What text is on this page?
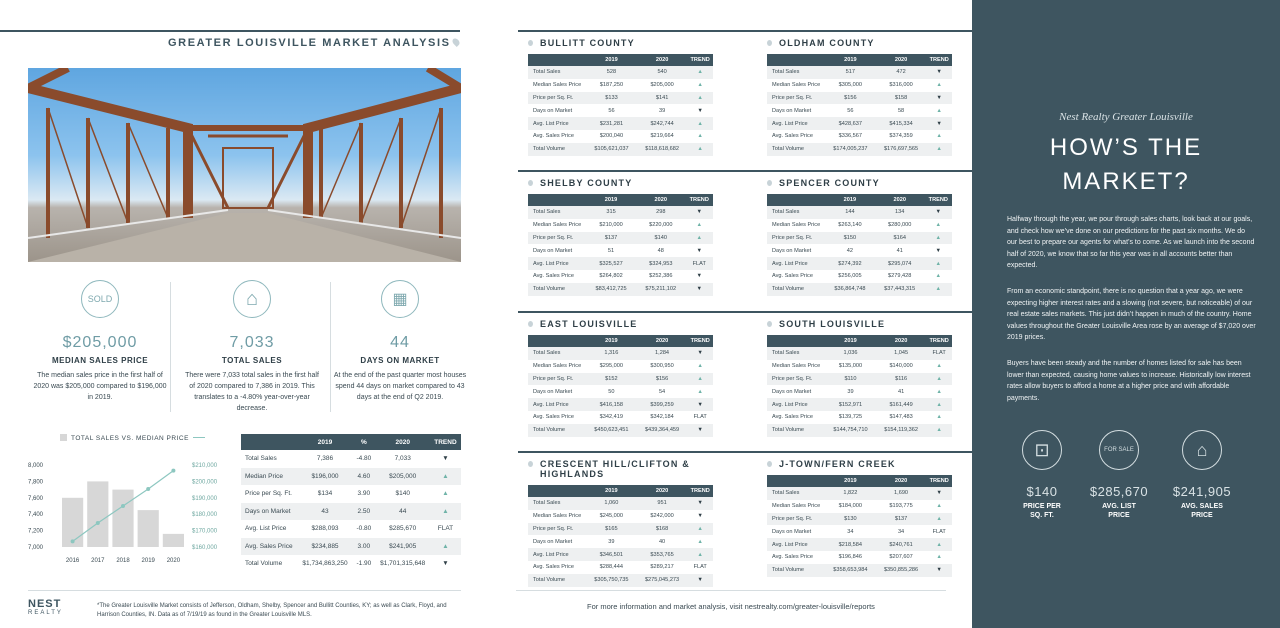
GREATER LOUISVILLE MARKET ANALYSIS
SOLD
$205,000
MEDIAN SALES PRICE
The median sales price in the first half of 2020 was $205,000 compared to $196,000 in 2019.
⌂
7,033
TOTAL SALES
There were 7,033 total sales in the first half of 2020 compared to 7,386 in 2019. This translates to a -4.80% year-over-year decrease.
▦
44
DAYS ON MARKET
At the end of the past quarter most houses spend 44 days on market compared to 43 days at the end of Q2 2019.
TOTAL SALES VS. MEDIAN PRICE
8,000
7,800
7,600
7,400
7,200
7,000
$210,000
$200,000
$190,000
$180,000
$170,000
$160,000
2016 2017 2018 2019 2020
	2019	%	2020	TREND
Total Sales	7,386	-4.80	7,033	▼
Median Price	$196,000	4.60	$205,000	▲
Price per Sq. Ft.	$134	3.90	$140	▲
Days on Market	43	2.50	44	▲
Avg. List Price	$288,093	-0.80	$285,670	FLAT
Avg. Sales Price	$234,885	3.00	$241,905	▲
Total Volume	$1,734,863,250	-1.90	$1,701,315,648	▼
NEST
REALTY
*The Greater Louisville Market consists of Jefferson, Oldham, Shelby, Spencer and Bullitt Counties, KY; as well as Clark, Floyd, and Harrison Counties, IN. Data as of 7/19/19 as found in the Greater Louisville MLS.
BULLITT COUNTY
	2019	2020	TREND
Total Sales	528	540	▲
Median Sales Price	$187,250	$205,000	▲
Price per Sq. Ft.	$133	$141	▲
Days on Market	56	39	▼
Avg. List Price	$231,281	$242,744	▲
Avg. Sales Price	$200,040	$219,664	▲
Total Volume	$105,621,037	$118,618,682	▲
OLDHAM COUNTY
	2019	2020	TREND
Total Sales	517	472	▼
Median Sales Price	$305,000	$316,000	▲
Price per Sq. Ft.	$156	$158	▼
Days on Market	56	58	▲
Avg. List Price	$428,637	$415,334	▼
Avg. Sales Price	$336,567	$374,359	▲
Total Volume	$174,005,237	$176,697,565	▲
SHELBY COUNTY
	2019	2020	TREND
Total Sales	315	298	▼
Median Sales Price	$210,000	$220,000	▲
Price per Sq. Ft.	$137	$140	▲
Days on Market	51	48	▼
Avg. List Price	$325,527	$324,953	FLAT
Avg. Sales Price	$264,802	$252,386	▼
Total Volume	$83,412,725	$75,211,102	▼
SPENCER COUNTY
	2019	2020	TREND
Total Sales	144	134	▼
Median Sales Price	$263,140	$280,000	▲
Price per Sq. Ft.	$150	$164	▲
Days on Market	42	41	▼
Avg. List Price	$274,392	$295,074	▲
Avg. Sales Price	$256,005	$279,428	▲
Total Volume	$36,864,748	$37,443,315	▲
EAST LOUISVILLE
	2019	2020	TREND
Total Sales	1,316	1,284	▼
Median Sales Price	$295,000	$300,950	▲
Price per Sq. Ft.	$152	$156	▲
Days on Market	50	54	▲
Avg. List Price	$416,158	$399,259	▼
Avg. Sales Price	$342,419	$342,184	FLAT
Total Volume	$450,623,451	$439,364,459	▼
SOUTH LOUISVILLE
	2019	2020	TREND
Total Sales	1,036	1,045	FLAT
Median Sales Price	$135,000	$140,000	▲
Price per Sq. Ft.	$110	$116	▲
Days on Market	39	41	▲
Avg. List Price	$152,971	$161,449	▲
Avg. Sales Price	$139,725	$147,483	▲
Total Volume	$144,754,710	$154,119,362	▲
CRESCENT HILL/CLIFTON & HIGHLANDS
	2019	2020	TREND
Total Sales	1,060	951	▼
Median Sales Price	$245,000	$242,000	▼
Price per Sq. Ft.	$165	$168	▲
Days on Market	39	40	▲
Avg. List Price	$346,501	$353,765	▲
Avg. Sales Price	$288,444	$289,217	FLAT
Total Volume	$305,750,735	$275,045,273	▼
J-TOWN/FERN CREEK
	2019	2020	TREND
Total Sales	1,822	1,690	▼
Median Sales Price	$184,000	$193,775	▲
Price per Sq. Ft.	$130	$137	▲
Days on Market	34	34	FLAT
Avg. List Price	$218,584	$240,761	▲
Avg. Sales Price	$196,846	$207,607	▲
Total Volume	$358,653,984	$350,855,286	▼
For more information and market analysis, visit nestrealty.com/greater-louisville/reports
Nest Realty Greater Louisville
HOW’S THE
MARKET?
Halfway through the year, we pour through sales charts, look back at our goals, and check how we’ve done on our predictions for the past six months. We do our best to prepare our agents for what’s to come. As we launch into the second half of 2020, we know that so far this year was in all accounts better than expected.
From an economic standpoint, there is no question that a year ago, we were expecting higher interest rates and a slowing (not severe, but noticeable) of our real estate sales markets. This just didn’t happen in much of the country. Home values throughout the Greater Louisville Area rose by an average of $7,020 over 2019 prices.
Buyers have been steady and the number of homes listed for sale has been lower than expected, causing home values to increase. Historically low interest rates allow buyers to afford a home at a higher price and with affordable payments.
⊡
$140
PRICE PER
SQ. FT.
FOR SALE
$285,670
AVG. LIST
PRICE
⌂
$241,905
AVG. SALES
PRICE
